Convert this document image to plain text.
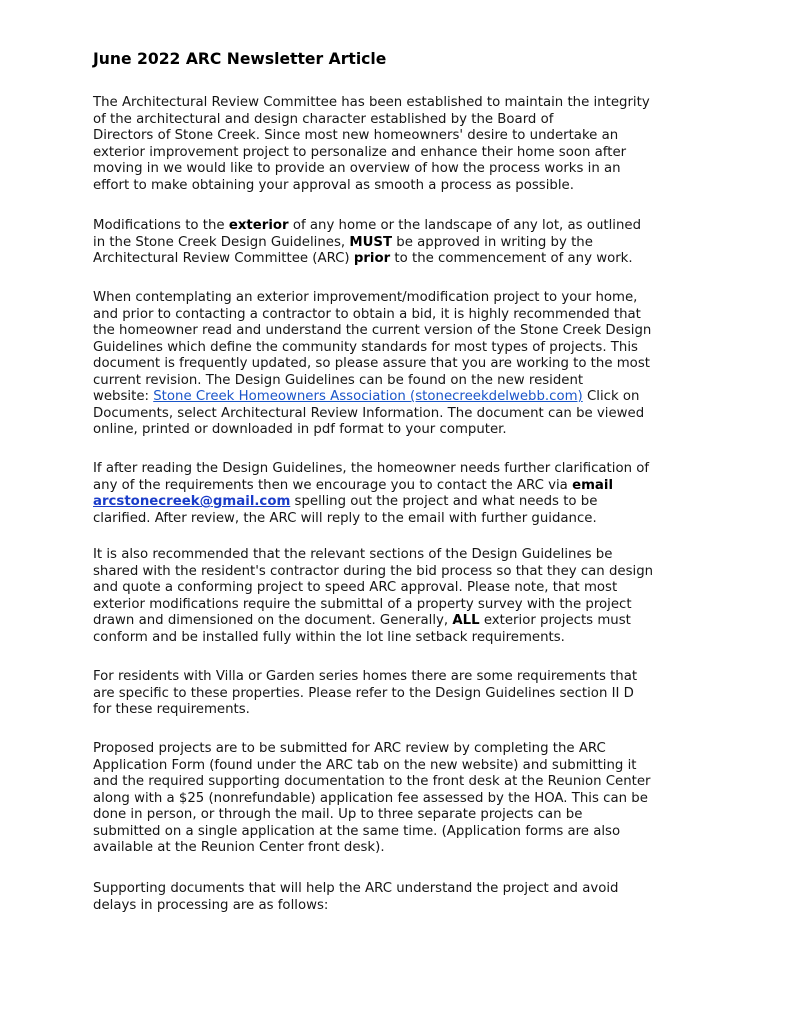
June 2022 ARC Newsletter Article

The Architectural Review Committee has been established to maintain the integrity
of the architectural and design character established by the Board of
Directors of Stone Creek. Since most new homeowners' desire to undertake an
exterior improvement project to personalize and enhance their home soon after
moving in we would like to provide an overview of how the process works in an
effort to make obtaining your approval as smooth a process as possible.

Modifications to the exterior of any home or the landscape of any lot, as outlined
in the Stone Creek Design Guidelines, MUST be approved in writing by the
Architectural Review Committee (ARC) prior to the commencement of any work.

When contemplating an exterior improvement/modification project to your home,
and prior to contacting a contractor to obtain a bid, it is highly recommended that
the homeowner read and understand the current version of the Stone Creek Design
Guidelines which define the community standards for most types of projects. This
document is frequently updated, so please assure that you are working to the most
current revision. The Design Guidelines can be found on the new resident
website: Stone Creek Homeowners Association (stonecreekdelwebb.com) Click on
Documents, select Architectural Review Information. The document can be viewed
online, printed or downloaded in pdf format to your computer.

If after reading the Design Guidelines, the homeowner needs further clarification of
any of the requirements then we encourage you to contact the ARC via email
arcstonecreek@gmail.com spelling out the project and what needs to be
clarified. After review, the ARC will reply to the email with further guidance.

It is also recommended that the relevant sections of the Design Guidelines be
shared with the resident's contractor during the bid process so that they can design
and quote a conforming project to speed ARC approval. Please note, that most
exterior modifications require the submittal of a property survey with the project
drawn and dimensioned on the document. Generally, ALL exterior projects must
conform and be installed fully within the lot line setback requirements.

For residents with Villa or Garden series homes there are some requirements that
are specific to these properties. Please refer to the Design Guidelines section II D
for these requirements.

Proposed projects are to be submitted for ARC review by completing the ARC
Application Form (found under the ARC tab on the new website) and submitting it
and the required supporting documentation to the front desk at the Reunion Center
along with a $25 (nonrefundable) application fee assessed by the HOA. This can be
done in person, or through the mail. Up to three separate projects can be
submitted on a single application at the same time. (Application forms are also
available at the Reunion Center front desk).

Supporting documents that will help the ARC understand the project and avoid
delays in processing are as follows:
